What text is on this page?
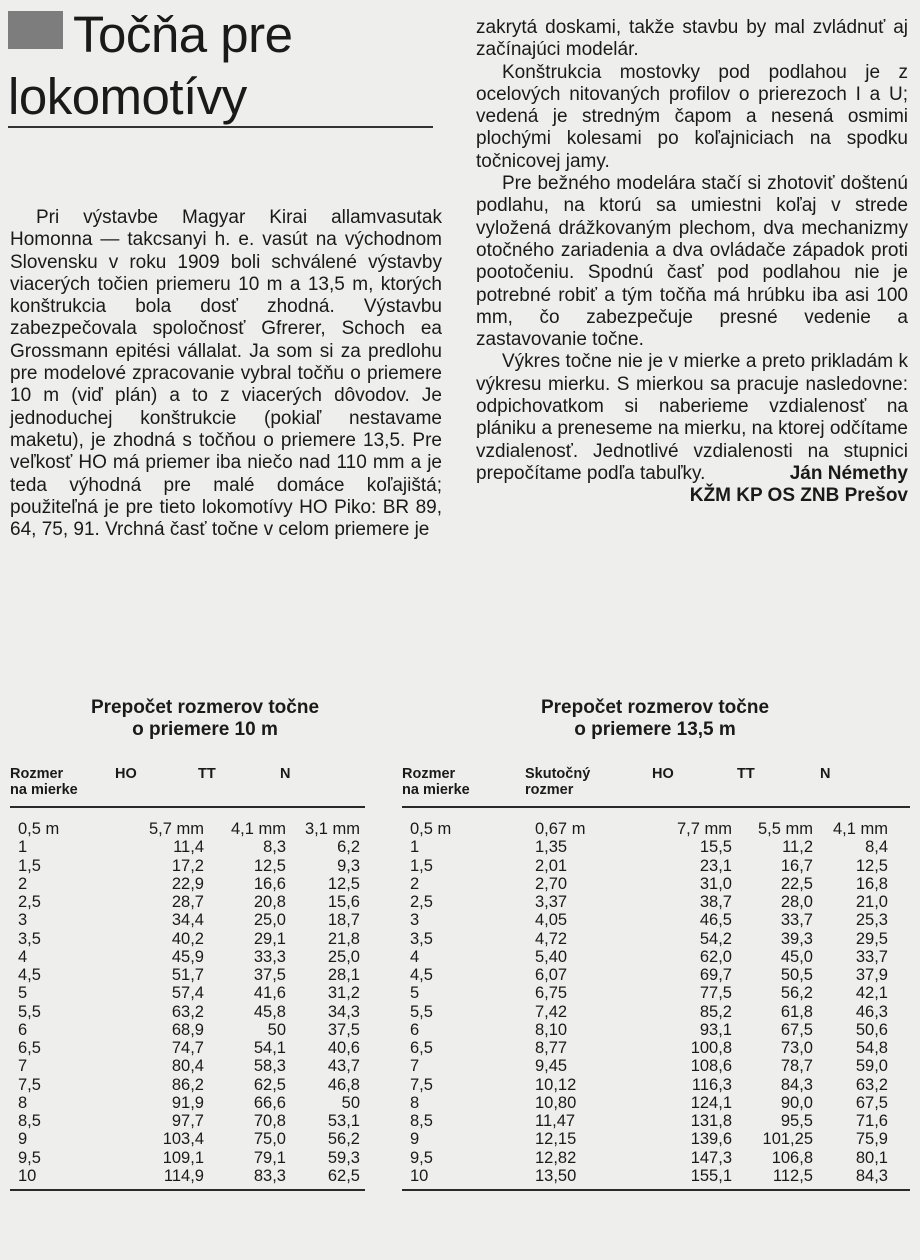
Točňa pre
lokomotívy

Pri výstavbe Magyar Kirai allamvasutak Homonna — takcsanyi h. e. vasút na východnom Slovensku v roku 1909 boli schválené výstavby viacerých točien priemeru 10 m a 13,5 m, ktorých konštrukcia bola dosť zhodná. Výstavbu zabezpečovala spoločnosť Gfrerer, Schoch ea Grossmann epitési vállalat. Ja som si za predlohu pre modelové zpracovanie vybral točňu o priemere 10 m (viď plán) a to z viacerých dôvodov. Je jednoduchej konštrukcie (pokiaľ nestavame maketu), je zhodná s točňou o priemere 13,5. Pre veľkosť HO má priemer iba niečo nad 110 mm a je teda výhodná pre malé domáce koľajištá; použiteľná je pre tieto lokomotívy HO Piko: BR 89, 64, 75, 91. Vrchná časť točne v celom priemere je

zakrytá doskami, takže stavbu by mal zvládnuť aj začínajúci modelár.

Konštrukcia mostovky pod podlahou je z ocelových nitovaných profilov o prierezoch I a U; vedená je stredným čapom a nesená osmimi plochými kolesami po koľajniciach na spodku točnicovej jamy.

Pre bežného modelára stačí si zhotoviť doštenú podlahu, na ktorú sa umiestni koľaj v strede vyložená drážkovaným plechom, dva mechanizmy otočného zariadenia a dva ovládače západok proti pootočeniu. Spodnú časť pod podlahou nie je potrebné robiť a tým točňa má hrúbku iba asi 100 mm, čo zabezpečuje presné vedenie a zastavovanie točne.

Výkres točne nie je v mierke a preto prikladám k výkresu mierku. S mierkou sa pracuje nasledovne: odpichovatkom si naberieme vzdialenosť na plániku a preneseme na mierku, na ktorej odčítame vzdialenosť. Jednotlivé vzdialenosti na stupnici prepočítame podľa tabuľky.	Ján Némethy
KŽM KP OS ZNB Prešov
Prepočet rozmerov točne
o priemere 10 m
Prepočet rozmerov točne
o priemere 13,5 m
Rozmer
na mierke
HO	TT	N
0,5 m	5,7 mm 4,1 mm 3,1 mm
1	11,4	8,3	6,2
1,5	17,2	12,5	9,3
2	22,9	16,6	12,5
2,5	28,7	20,8	15,6
3	34,4	25,0	18,7
3,5	40,2	29,1	21,8
4	45,9	33,3	25,0
4,5	51,7	37,5	28,1
5	57,4	41,6	31,2
5,5	63,2	45,8	34,3
6	68,9	50	37,5
6,5	74,7	54,1	40,6
7	80,4	58,3	43,7
7,5	86,2	62,5	46,8
8	91,9	66,6	50
8,5	97,7	70,8	53,1
9	103,4	75,0	56,2
9,5	109,1	79,1	59,3
10	114,9	83,3	62,5
Rozmer
na mierke
Skutočný
rozmer
HO	TT	N
0,5 m	0,67 m	7,7 mm 5,5 mm 4,1 mm
1	1,35	15,5	11,2	8,4
1,5	2,01	23,1	16,7	12,5
2	2,70	31,0	22,5	16,8
2,5	3,37	38,7	28,0	21,0
3	4,05	46,5	33,7	25,3
3,5	4,72	54,2	39,3	29,5
4	5,40	62,0	45,0	33,7
4,5	6,07	69,7	50,5	37,9
5	6,75	77,5	56,2	42,1
5,5	7,42	85,2	61,8	46,3
6	8,10	93,1	67,5	50,6
6,5	8,77	100,8	73,0	54,8
7	9,45	108,6	78,7	59,0
7,5	10,12	116,3	84,3	63,2
8	10,80	124,1	90,0	67,5
8,5	11,47	131,8	95,5	71,6
9	12,15	139,6 101,25	75,9
9,5	12,82	147,3 106,8	80,1
10	13,50	155,1 112,5	84,3
